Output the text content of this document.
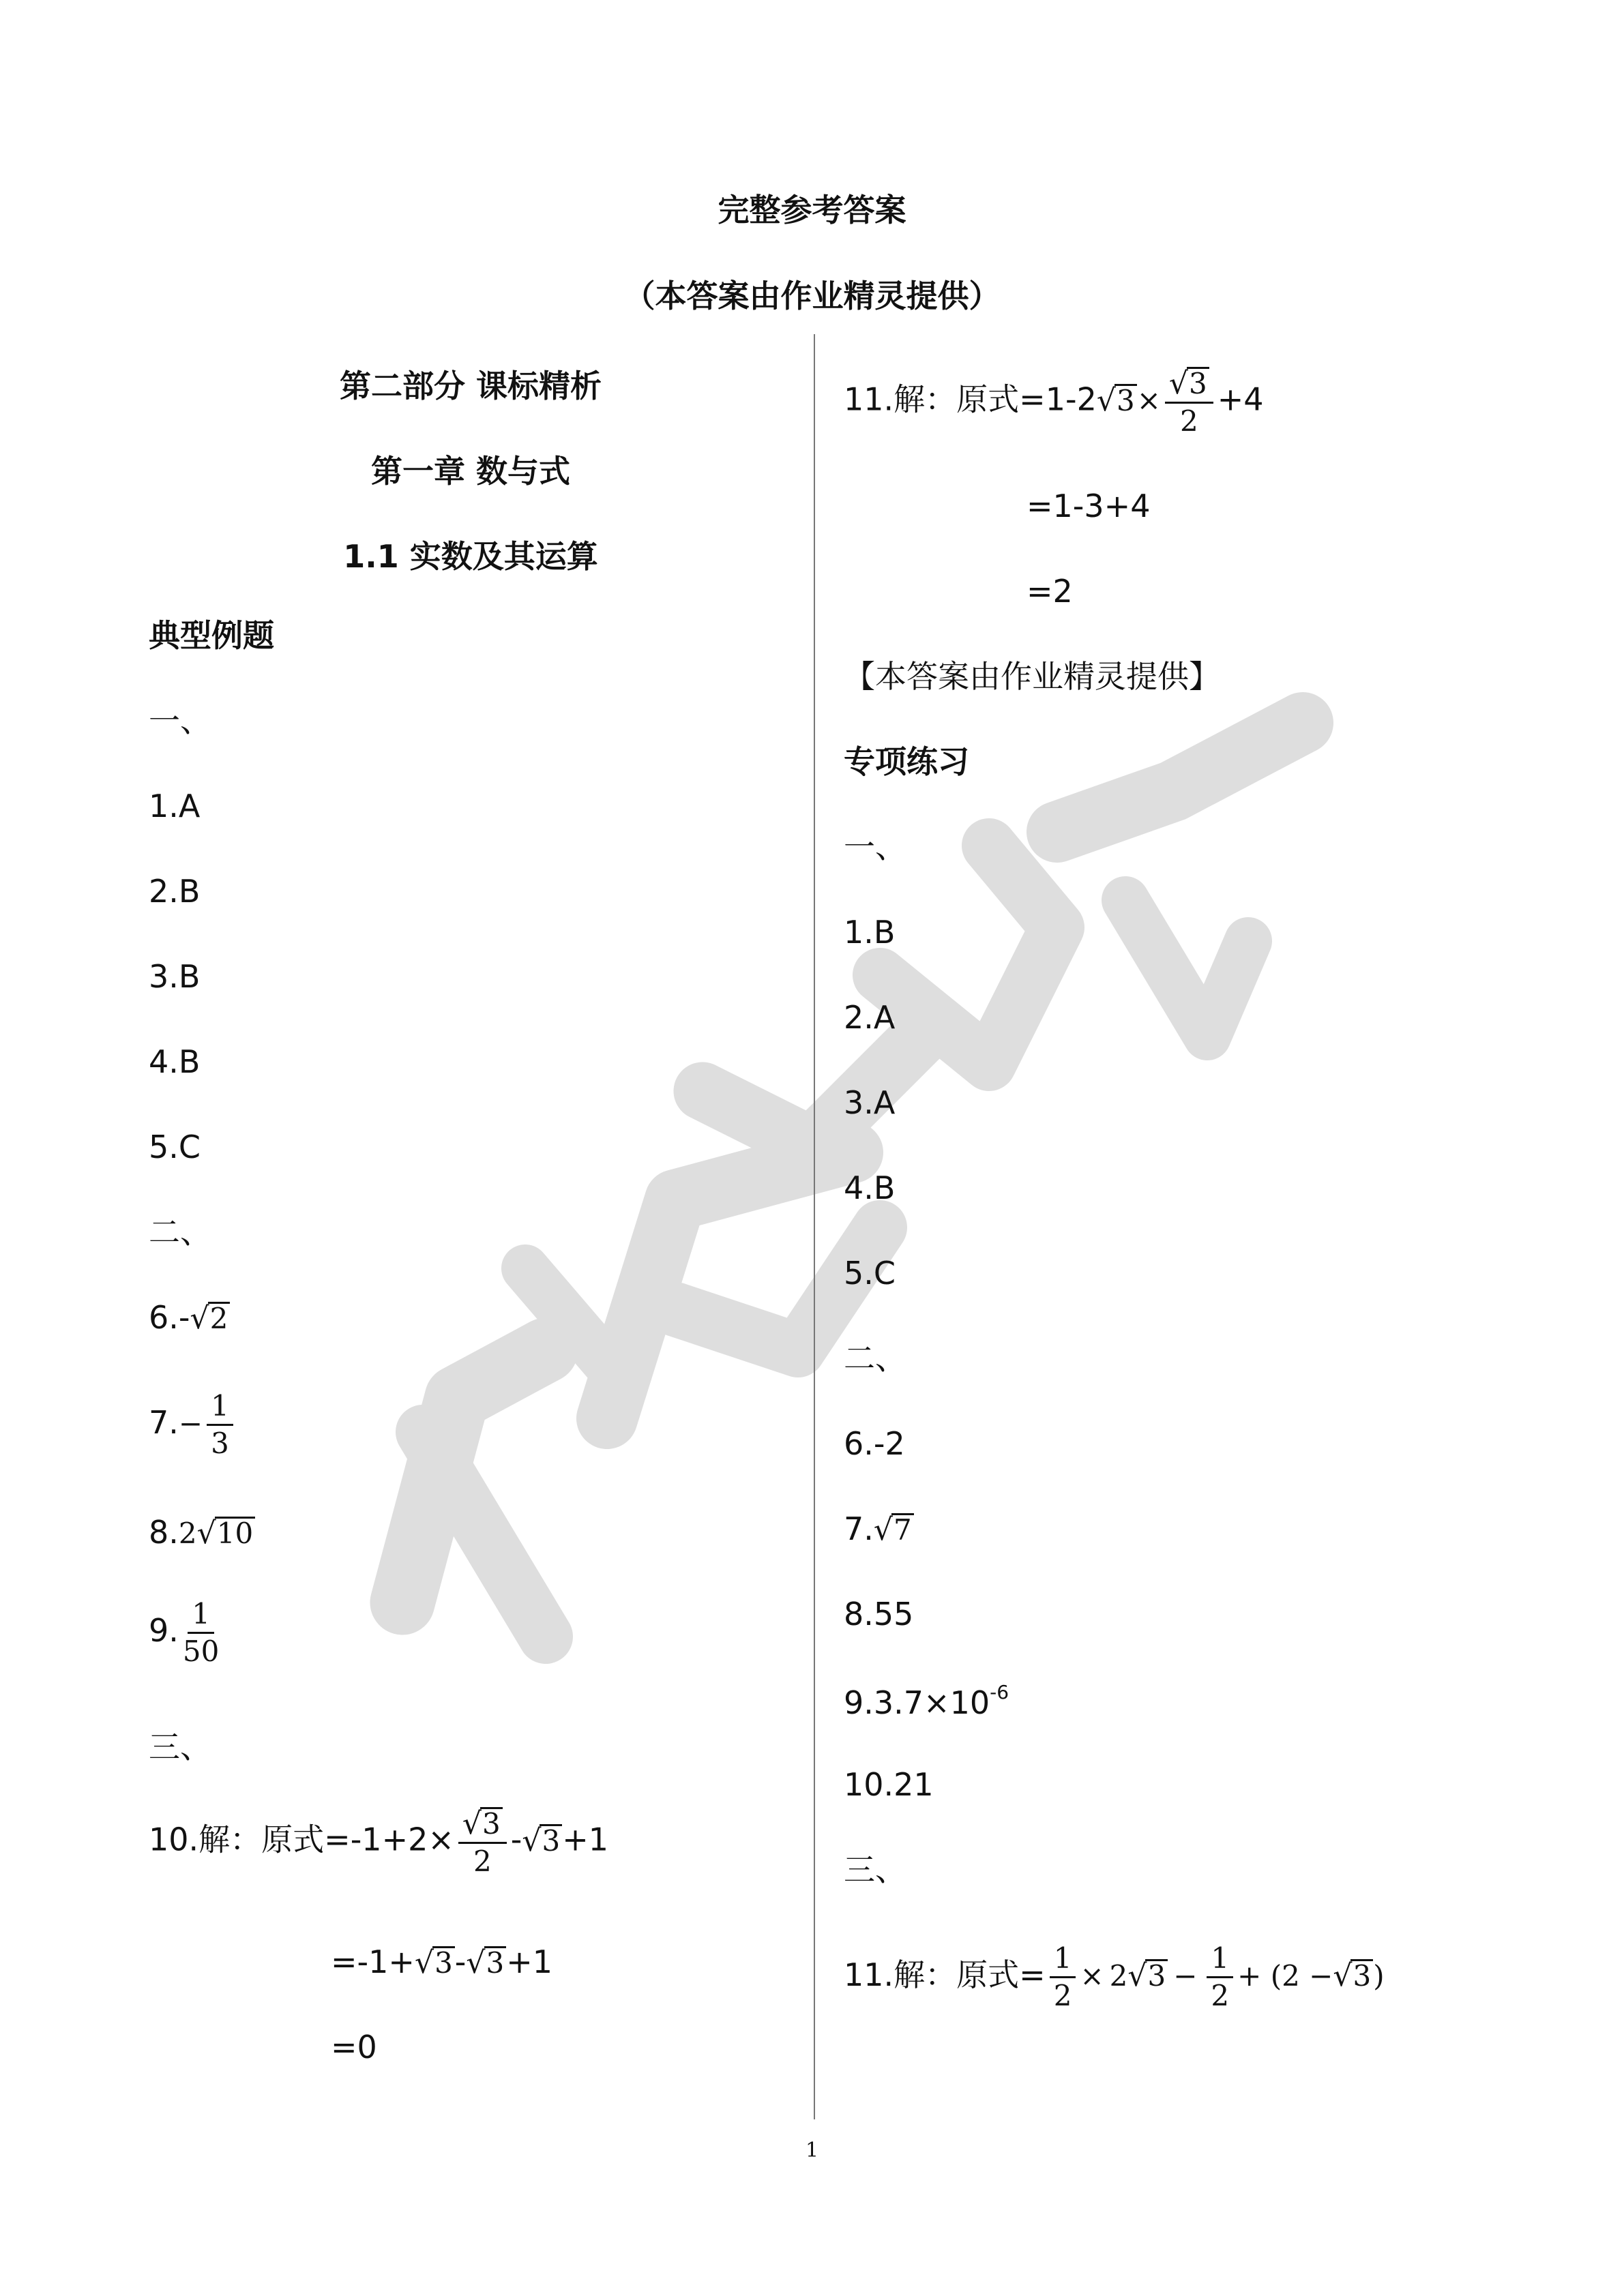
完整参考答案
（本答案由作业精灵提供）
第二部分 课标精析
第一章 数与式
1.1 实数及其运算
典型例题
一、
1.A
2.B
3.B
4.B
5.C
二、
6.- √ 2
$7.- \frac{1}{3}$
8.2 √ 10
9. $\frac{1}{50}$
三、
10.解：原式$=-1+2\times \frac{√ 3}{2}$ - √ 3 +1
=-1+ √ 3 - √ 3 +1
=0
11.解：原式=1-2 √ $3 \times \frac{√ 3}{2} +4$
=1-3+4
=2
【本答案由作业精灵提供】
专项练习
一、
1.B
2.A
3.A
4.B
5.C
二、
6.-2
7. √ 7
8.55
$9.3.7\times 10^{-6}$
10.21
三、
11.解：原式= $\frac{1}{2} \times 2$ √ $3 - \frac{1}{2} + (2$ − √ 3 )
1
